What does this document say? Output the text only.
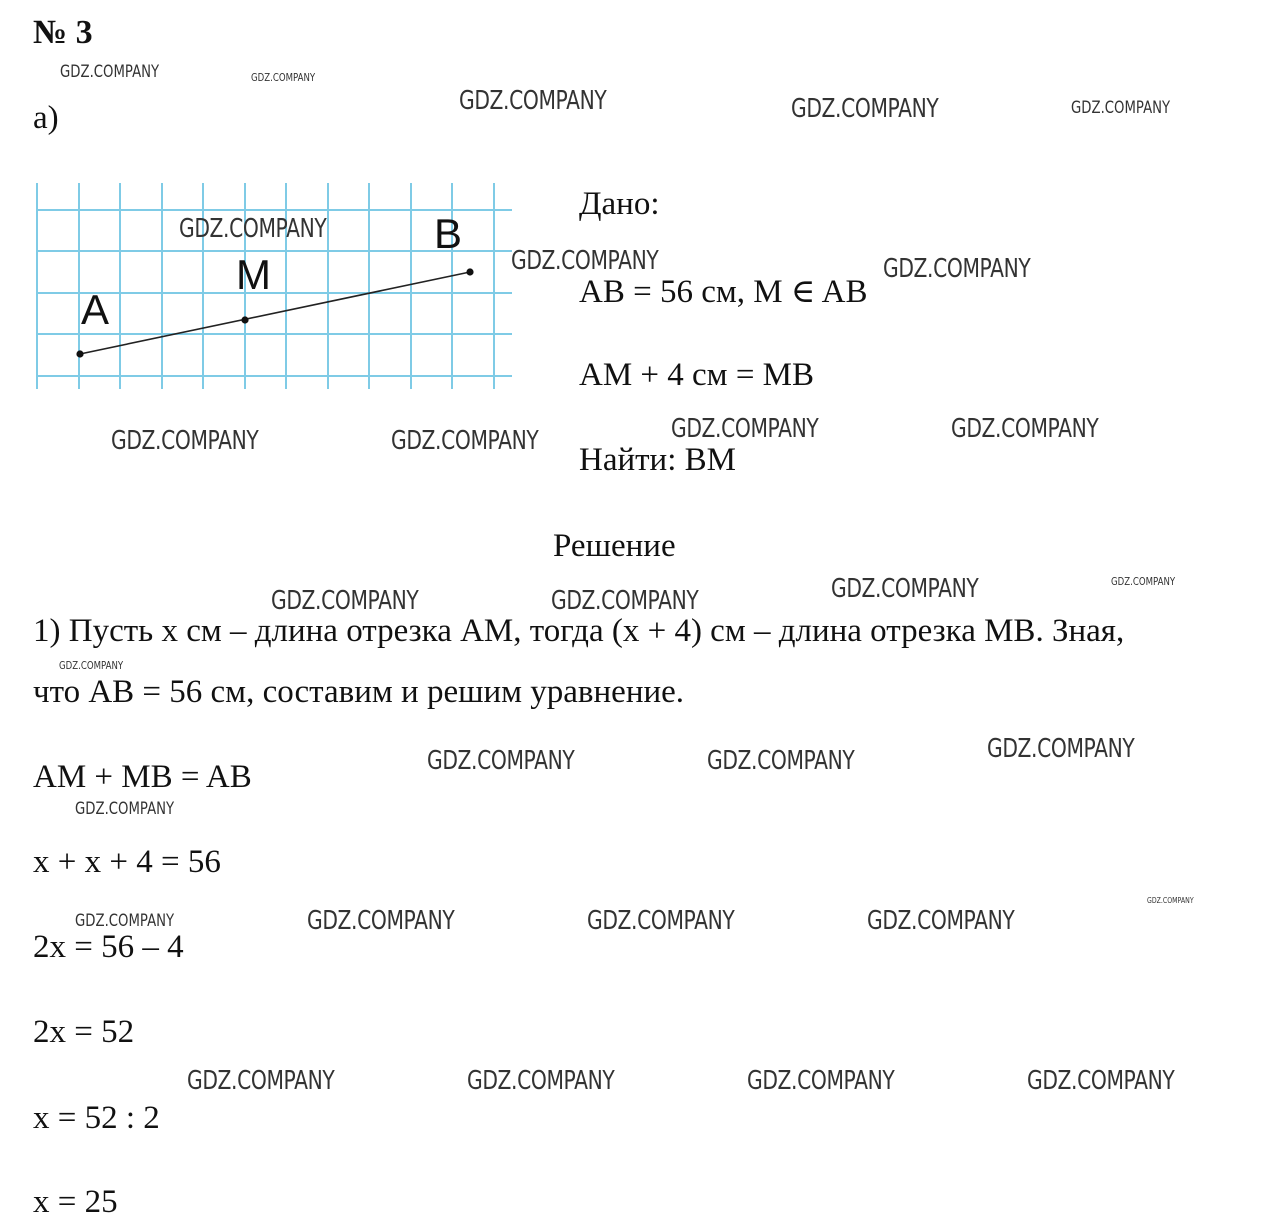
№ 3
а)
A
M
B
Дано:
AB = 56 см, M ∈ AB
AM + 4 см = MB
Найти: BM
Решение
1) Пусть x см – длина отрезка AM, тогда (x + 4) см – длина отрезка MB. Зная,
что AB = 56 см, составим и решим уравнение.
AM + MB = AB
x + x + 4 = 56
2x = 56 – 4
2x = 52
x = 52 : 2
x = 25
GDZ.COMPANY	GDZ.COMPANY
GDZ.COMPANY	GDZ.COMPANY	GDZ.COMPANY
GDZ.COMPANY
GDZ.COMPANY	GDZ.COMPANY
GDZ.COMPANY	GDZ.COMPANY	GDZ.COMPANY	GDZ.COMPANY
GDZ.COMPANY	GDZ.COMPANY	GDZ.COMPANY	GDZ.COMPANY
GDZ.COMPANY
GDZ.COMPANY	GDZ.COMPANY	GDZ.COMPANY
GDZ.COMPANY
GDZ.COMPANY
GDZ.COMPANY	GDZ.COMPANY	GDZ.COMPANY	GDZ.COMPANY
GDZ.COMPANY	GDZ.COMPANY	GDZ.COMPANY	GDZ.COMPANY
